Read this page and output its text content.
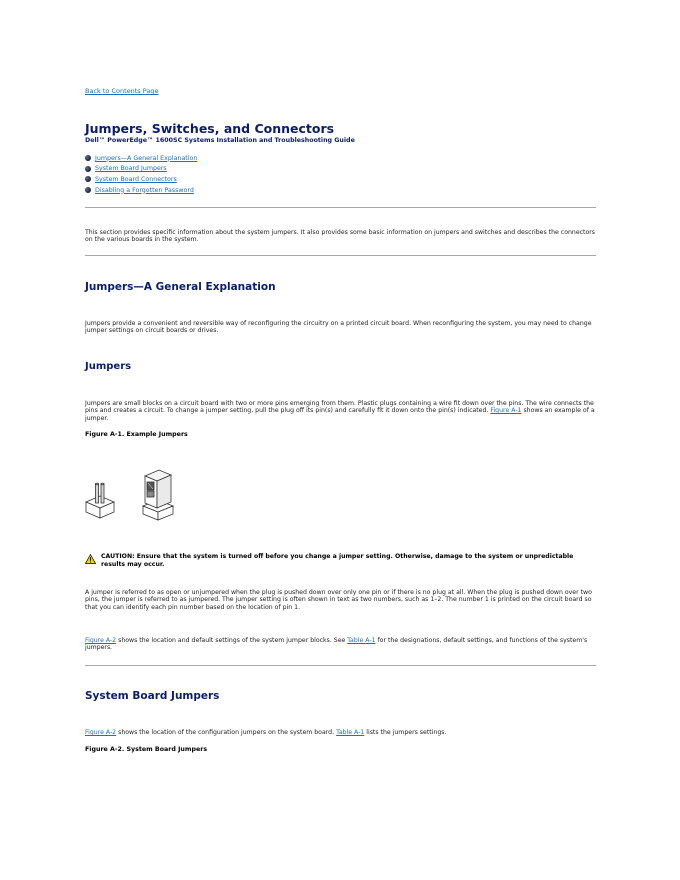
Back to Contents Page
Jumpers, Switches, and Connectors
Dell™ PowerEdge™ 1600SC Systems Installation and Troubleshooting Guide
Jumpers—A General Explanation
System Board Jumpers
System Board Connectors
Disabling a Forgotten Password

This section provides specific information about the system jumpers. It also provides some basic information on jumpers and switches and describes the connectors on the various boards in the system.

Jumpers—A General Explanation

Jumpers provide a convenient and reversible way of reconfiguring the circuitry on a printed circuit board. When reconfiguring the system, you may need to change jumper settings on circuit boards or drives.

Jumpers

Jumpers are small blocks on a circuit board with two or more pins emerging from them. Plastic plugs containing a wire fit down over the pins. The wire connects the pins and creates a circuit. To change a jumper setting, pull the plug off its pin(s) and carefully fit it down onto the pin(s) indicated. Figure A-1 shows an example of a jumper.

Figure A-1. Example Jumpers

CAUTION: Ensure that the system is turned off before you change a jumper setting. Otherwise, damage to the system or unpredictable results may occur.

A jumper is referred to as open or unjumpered when the plug is pushed down over only one pin or if there is no plug at all. When the plug is pushed down over two pins, the jumper is referred to as jumpered. The jumper setting is often shown in text as two numbers, such as 1–2. The number 1 is printed on the circuit board so that you can identify each pin number based on the location of pin 1.

Figure A-2 shows the location and default settings of the system jumper blocks. See Table A-1 for the designations, default settings, and functions of the system's jumpers.

System Board Jumpers

Figure A-2 shows the location of the configuration jumpers on the system board. Table A-1 lists the jumpers settings.

Figure A-2. System Board Jumpers
